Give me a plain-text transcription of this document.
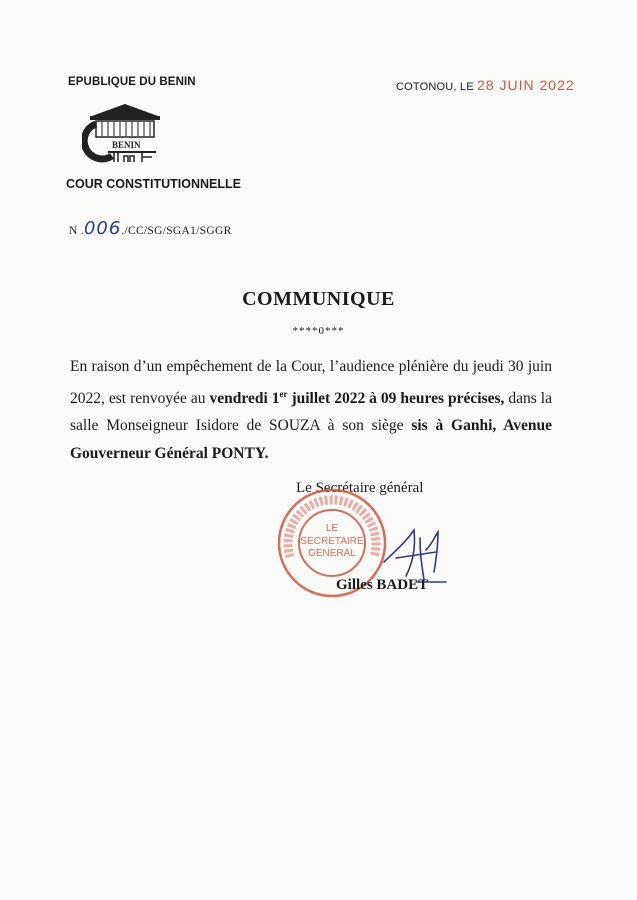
EPUBLIQUE DU BENIN	COTONOU, LE 28 JUIN 2022
BENIN
COUR CONSTITUTIONNELLE
N .006./CC/SG/SGA1/SGGR
COMMUNIQUE
****0***
En raison d’un empêchement de la Cour, l’audience plénière du jeudi 30 juin 2022, est renvoyée au vendredi 1er juillet 2022 à 09 heures précises, dans la salle Monseigneur Isidore de SOUZA à son siège sis à Ganhi, Avenue Gouverneur Général PONTY.
Le Secrétaire général
LE
SECRETAIRE
GENERAL
Gilles BADET
